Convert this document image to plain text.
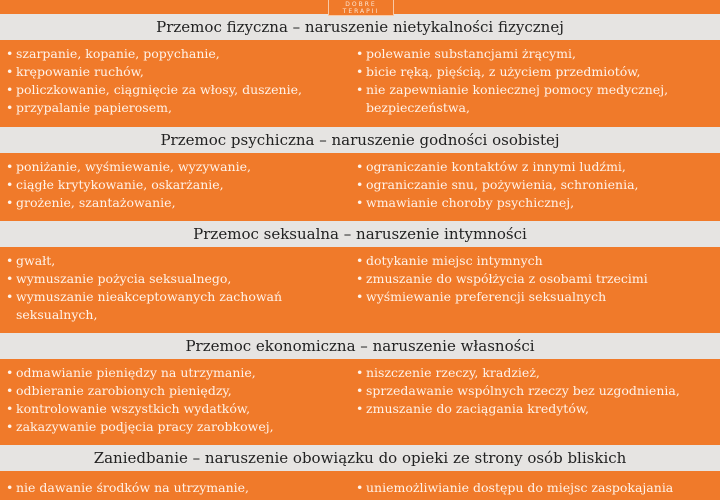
DOBRE
TERAPII
Przemoc fizyczna – naruszenie nietykalności fizycznej
• szarpanie, kopanie, popychanie,
• krępowanie ruchów,
• policzkowanie, ciągnięcie za włosy, duszenie,
• przypalanie papierosem,
• polewanie substancjami żrącymi,
• bicie ręką, pięścią, z użyciem przedmiotów,
• nie zapewnianie koniecznej pomocy medycznej, bezpieczeństwa,
Przemoc psychiczna – naruszenie godności osobistej
• poniżanie, wyśmiewanie, wyzywanie,
• ciągłe krytykowanie, oskarżanie,
• grożenie, szantażowanie,
• ograniczanie kontaktów z innymi ludźmi,
• ograniczanie snu, pożywienia, schronienia,
• wmawianie choroby psychicznej,
Przemoc seksualna – naruszenie intymności
• gwałt,
• wymuszanie pożycia seksualnego,
• wymuszanie nieakceptowanych zachowań seksualnych,
• dotykanie miejsc intymnych
• zmuszanie do współżycia z osobami trzecimi
• wyśmiewanie preferencji seksualnych
Przemoc ekonomiczna – naruszenie własności
• odmawianie pieniędzy na utrzymanie,
• odbieranie zarobionych pieniędzy,
• kontrolowanie wszystkich wydatków,
• zakazywanie podjęcia pracy zarobkowej,
• niszczenie rzeczy, kradzież,
• sprzedawanie wspólnych rzeczy bez uzgodnienia,
• zmuszanie do zaciągania kredytów,
Zaniedbanie – naruszenie obowiązku do opieki ze strony osób bliskich
• nie dawanie środków na utrzymanie,
•	uniemożliwianie dostępu do miejsc zaspokajania
